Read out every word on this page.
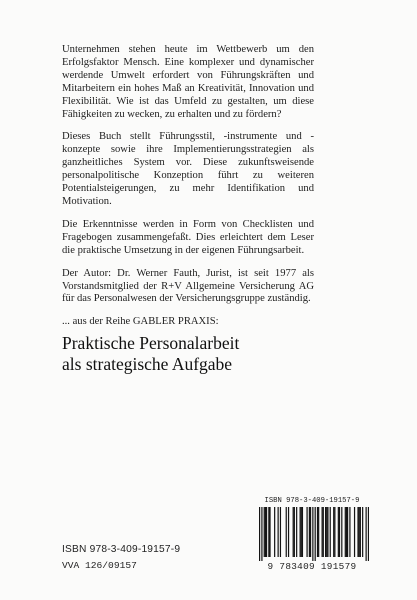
Unternehmen stehen heute im Wettbewerb um den Erfolgsfaktor Mensch. Eine komplexer und dynamischer werdende Umwelt erfordert von Führungskräften und Mitarbeitern ein hohes Maß an Kreativität, Innovation und Flexibilität. Wie ist das Umfeld zu gestalten, um diese Fähigkeiten zu wecken, zu erhalten und zu fördern?

Dieses Buch stellt Führungsstil, -instrumente und -konzepte sowie ihre Implementierungsstrategien als ganzheitliches System vor. Diese zukunftsweisende personalpolitische Konzeption führt zu weiteren Potentialsteigerungen, zu mehr Identifikation und Motivation.

Die Erkenntnisse werden in Form von Checklisten und Fragebogen zusammengefaßt. Dies erleichtert dem Leser die praktische Umsetzung in der eigenen Führungsarbeit.

Der Autor: Dr. Werner Fauth, Jurist, ist seit 1977 als Vorstandsmitglied der R+V Allgemeine Versicherung AG für das Personalwesen der Versicherungsgruppe zuständig.

... aus der Reihe GABLER PRAXIS:

Praktische Personalarbeit
als strategische Aufgabe
ISBN 978-3-409-19157-9
VVA 126/09157
ISBN 978-3-409-19157-9
9 783409 191579
